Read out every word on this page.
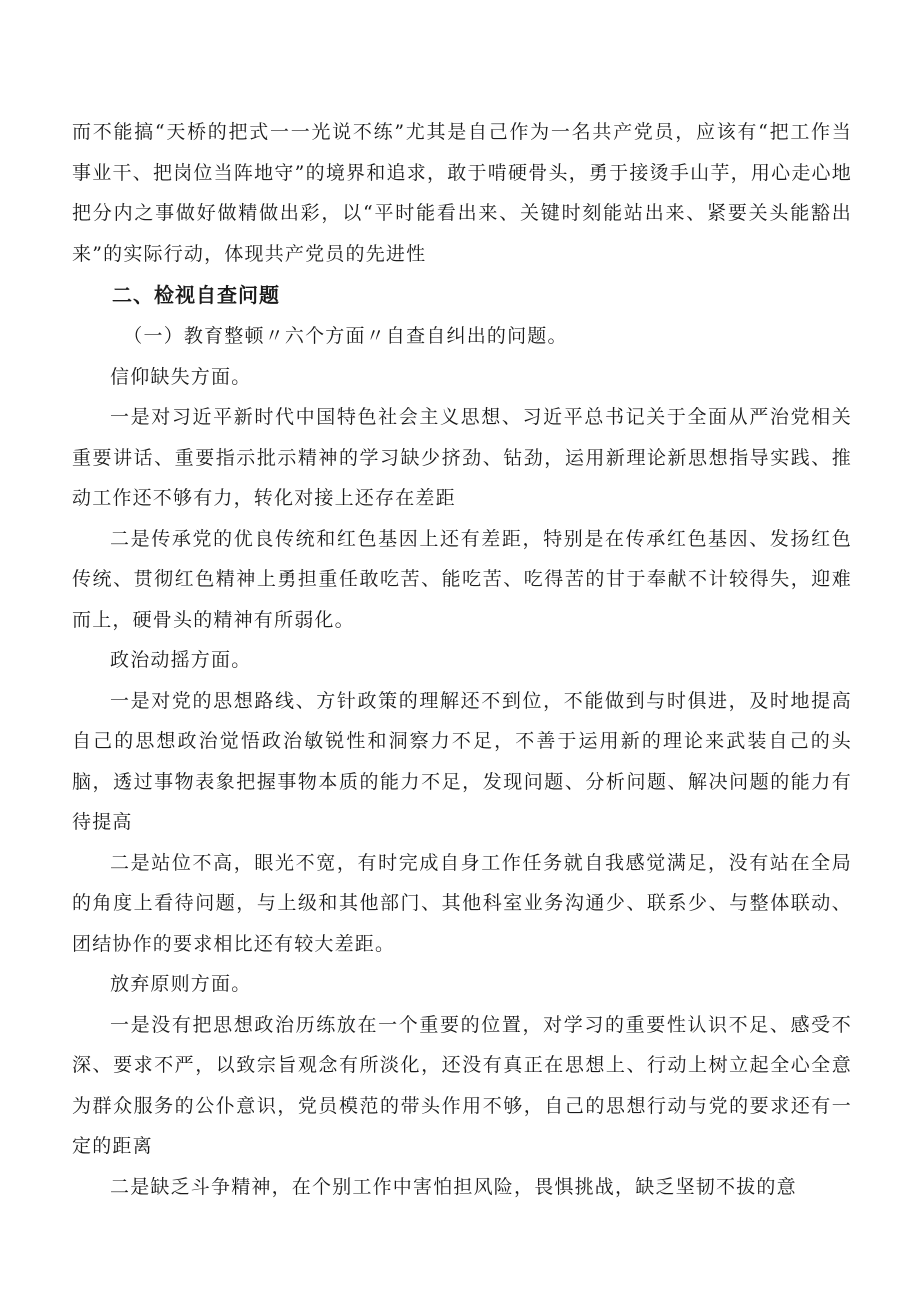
而不能搞“天桥的把式一一光说不练”尤其是自己作为一名共产党员，应该有“把工作当事业干、把岗位当阵地守”的境界和追求，敢于啃硬骨头，勇于接烫手山芋，用心走心地把分内之事做好做精做出彩，以“平时能看出来、关键时刻能站出来、紧要关头能豁出来”的实际行动，体现共产党员的先进性

二、检视自查问题

（一）教育整顿〃六个方面〃自查自纠出的问题。

信仰缺失方面。

一是对习近平新时代中国特色社会主义思想、习近平总书记关于全面从严治党相关重要讲话、重要指示批示精神的学习缺少挤劲、钻劲，运用新理论新思想指导实践、推动工作还不够有力，转化对接上还存在差距

二是传承党的优良传统和红色基因上还有差距，特别是在传承红色基因、发扬红色传统、贯彻红色精神上勇担重任敢吃苦、能吃苦、吃得苦的甘于奉献不计较得失，迎难而上，硬骨头的精神有所弱化。

政治动摇方面。

一是对党的思想路线、方针政策的理解还不到位，不能做到与时俱进，及时地提高自己的思想政治觉悟政治敏锐性和洞察力不足，不善于运用新的理论来武装自己的头脑，透过事物表象把握事物本质的能力不足，发现问题、分析问题、解决问题的能力有待提高

二是站位不高，眼光不宽，有时完成自身工作任务就自我感觉满足，没有站在全局的角度上看待问题，与上级和其他部门、其他科室业务沟通少、联系少、与整体联动、团结协作的要求相比还有较大差距。

放弃原则方面。

一是没有把思想政治历练放在一个重要的位置，对学习的重要性认识不足、感受不深、要求不严，以致宗旨观念有所淡化，还没有真正在思想上、行动上树立起全心全意为群众服务的公仆意识，党员模范的带头作用不够，自己的思想行动与党的要求还有一定的距离

二是缺乏斗争精神，在个别工作中害怕担风险，畏惧挑战，缺乏坚韧不拔的意
